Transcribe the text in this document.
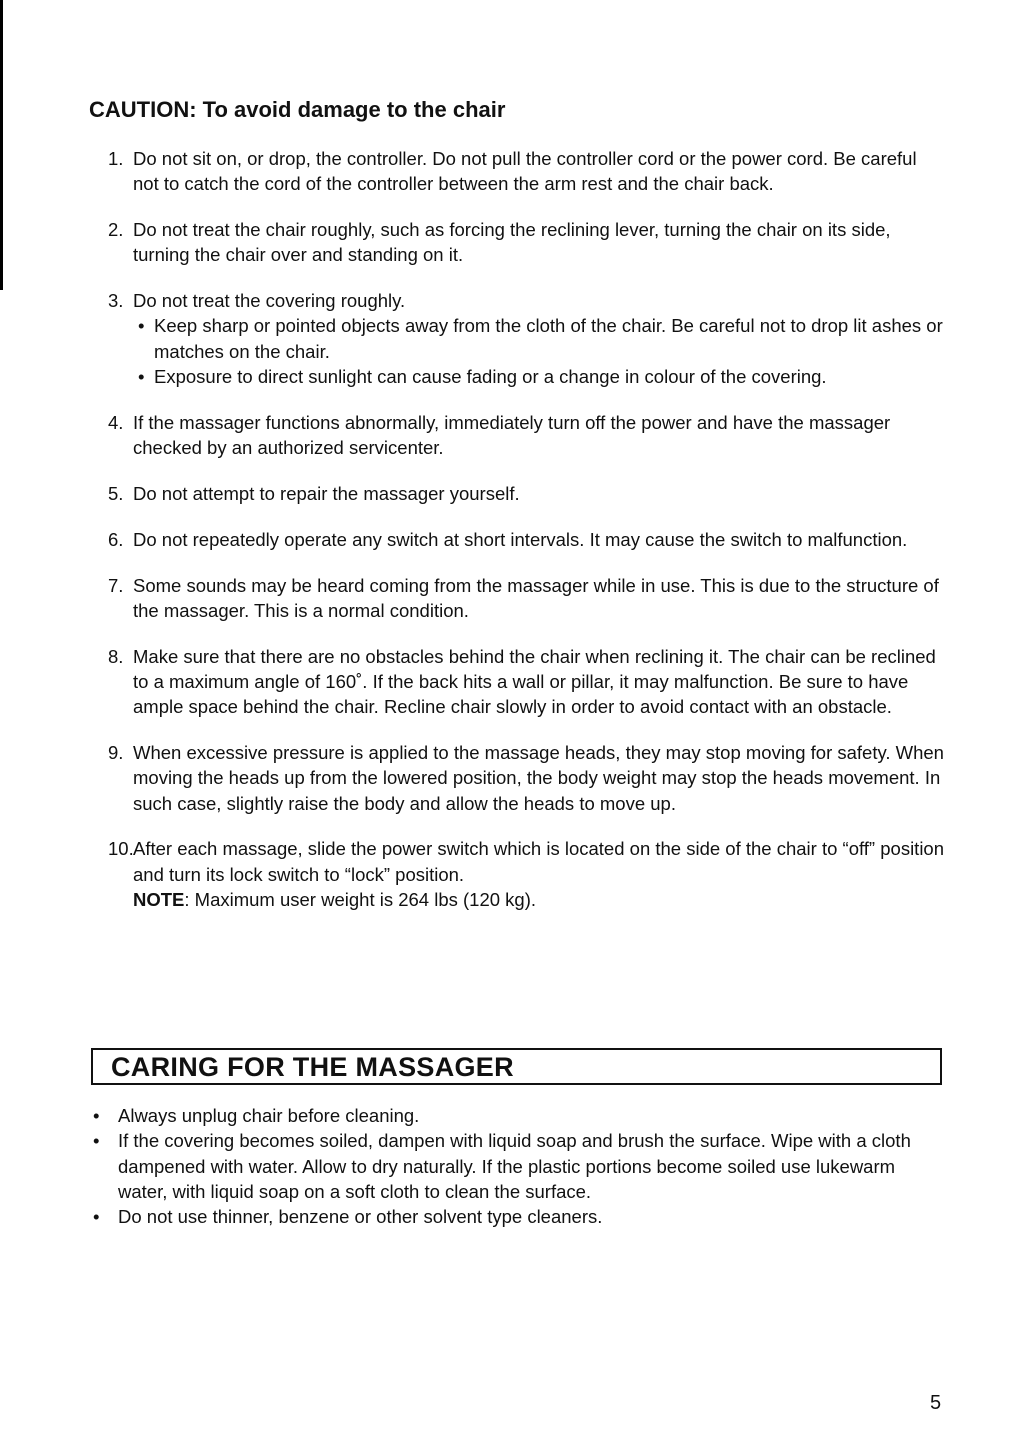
CAUTION: To avoid damage to the chair
1. Do not sit on, or drop, the controller. Do not pull the controller cord or the power cord. Be careful not to catch the cord of the controller between the arm rest and the chair back.
2. Do not treat the chair roughly, such as forcing the reclining lever, turning the chair on its side, turning the chair over and standing on it.
3. Do not treat the covering roughly.
• Keep sharp or pointed objects away from the cloth of the chair. Be careful not to drop lit ashes or matches on the chair.
• Exposure to direct sunlight can cause fading or a change in colour of the covering.
4. If the massager functions abnormally, immediately turn off the power and have the massager checked by an authorized servicenter.
5. Do not attempt to repair the massager yourself.
6. Do not repeatedly operate any switch at short intervals. It may cause the switch to malfunction.
7. Some sounds may be heard coming from the massager while in use. This is due to the structure of the massager. This is a normal condition.
8. Make sure that there are no obstacles behind the chair when reclining it. The chair can be reclined to a maximum angle of 160˚. If the back hits a wall or pillar, it may malfunction. Be sure to have ample space behind the chair. Recline chair slowly in order to avoid contact with an obstacle.
9. When excessive pressure is applied to the massage heads, they may stop moving for safety. When moving the heads up from the lowered position, the body weight may stop the heads movement. In such case, slightly raise the body and allow the heads to move up.
10. After each massage, slide the power switch which is located on the side of the chair to “off” position and turn its lock switch to “lock” position.
NOTE: Maximum user weight is 264 lbs (120 kg).
CARING FOR THE MASSAGER
•	Always unplug chair before cleaning.
•	If the covering becomes soiled, dampen with liquid soap and brush the surface. Wipe with a cloth dampened with water. Allow to dry naturally. If the plastic portions become soiled use lukewarm water, with liquid soap on a soft cloth to clean the surface.
•	Do not use thinner, benzene or other solvent type cleaners.
5
